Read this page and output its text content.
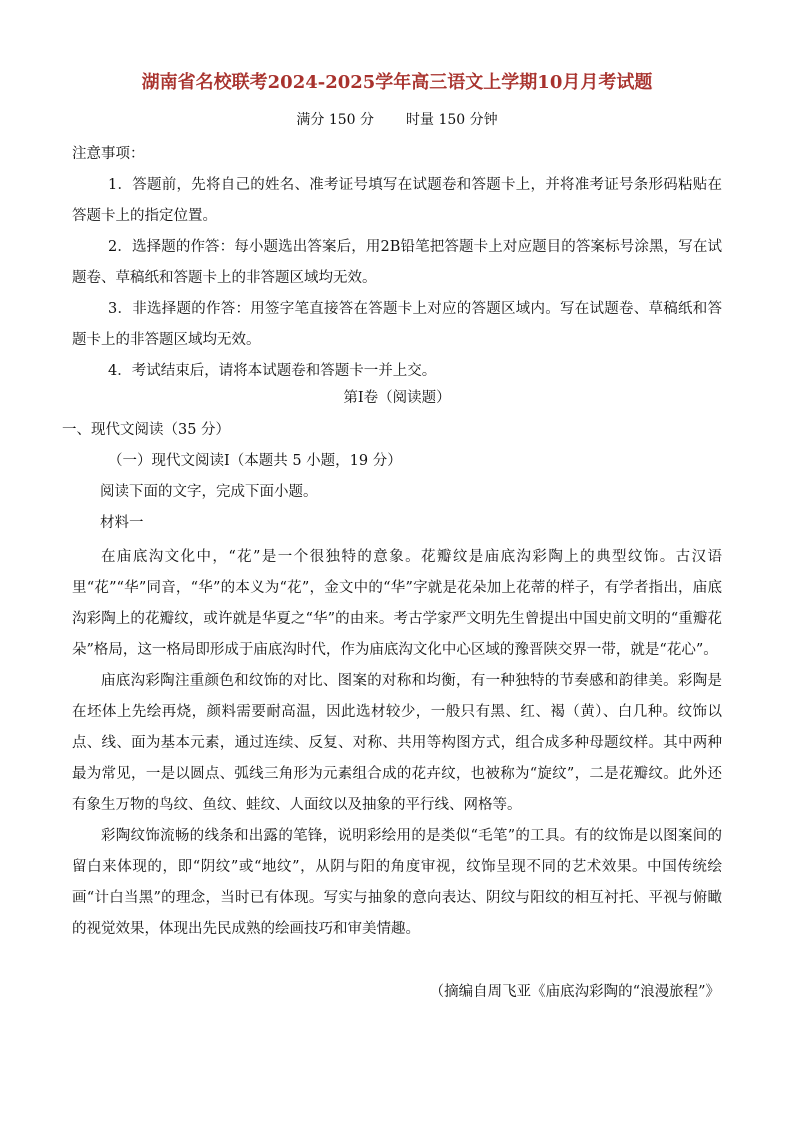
湖南省名校联考2024-2025学年高三语文上学期10月月考试题
满分 150 分 时量 150 分钟
注意事项：

1．答题前，先将自己的姓名、准考证号填写在试题卷和答题卡上，并将准考证号条形码粘贴在答题卡上的指定位置。

2．选择题的作答：每小题选出答案后，用2B铅笔把答题卡上对应题目的答案标号涂黑，写在试题卷、草稿纸和答题卡上的非答题区域均无效。

3．非选择题的作答：用签字笔直接答在答题卡上对应的答题区域内。写在试题卷、草稿纸和答题卡上的非答题区域均无效。

4．考试结束后，请将本试题卷和答题卡一并上交。

第Ⅰ卷（阅读题）
一、现代文阅读（35 分）
（一）现代文阅读Ⅰ（本题共 5 小题，19 分）
阅读下面的文字，完成下面小题。
材料一

在庙底沟文化中，“花”是一个很独特的意象。花瓣纹是庙底沟彩陶上的典型纹饰。古汉语里“花”“华”同音，“华”的本义为“花”，金文中的“华”字就是花朵加上花蒂的样子，有学者指出，庙底沟彩陶上的花瓣纹，或许就是华夏之“华”的由来。考古学家严文明先生曾提出中国史前文明的“重瓣花朵”格局，这一格局即形成于庙底沟时代，作为庙底沟文化中心区域的豫晋陕交界一带，就是“花心”。

庙底沟彩陶注重颜色和纹饰的对比、图案的对称和均衡，有一种独特的节奏感和韵律美。彩陶是在坯体上先绘再烧，颜料需要耐高温，因此选材较少，一般只有黑、红、褐（黄）、白几种。纹饰以点、线、面为基本元素，通过连续、反复、对称、共用等构图方式，组合成多种母题纹样。其中两种最为常见，一是以圆点、弧线三角形为元素组合成的花卉纹，也被称为“旋纹”，二是花瓣纹。此外还有象生万物的鸟纹、鱼纹、蛙纹、人面纹以及抽象的平行线、网格等。

彩陶纹饰流畅的线条和出露的笔锋，说明彩绘用的是类似“毛笔”的工具。有的纹饰是以图案间的留白来体现的，即“阴纹”或“地纹”，从阴与阳的角度审视，纹饰呈现不同的艺术效果。中国传统绘画“计白当黑”的理念，当时已有体现。写实与抽象的意向表达、阴纹与阳纹的相互衬托、平视与俯瞰的视觉效果，体现出先民成熟的绘画技巧和审美情趣。

（摘编自周飞亚《庙底沟彩陶的“浪漫旅程”》
